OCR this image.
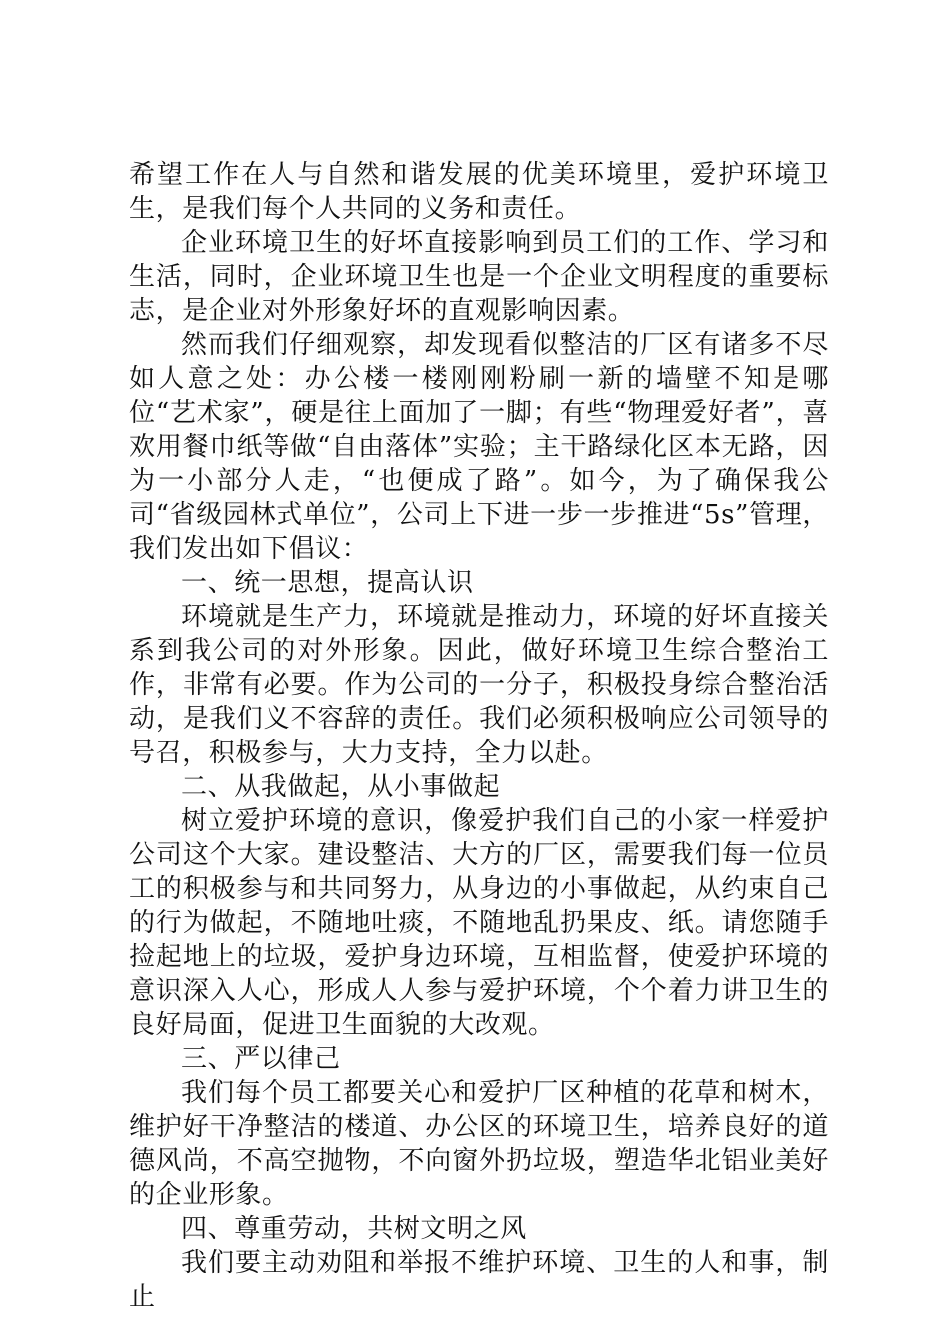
希望工作在人与自然和谐发展的优美环境里，爱护环境卫生，是我们每个人共同的义务和责任。

企业环境卫生的好坏直接影响到员工们的工作、学习和生活，同时，企业环境卫生也是一个企业文明程度的重要标志，是企业对外形象好坏的直观影响因素。

然而我们仔细观察，却发现看似整洁的厂区有诸多不尽如人意之处：办公楼一楼刚刚粉刷一新的墙壁不知是哪位“艺术家”，硬是往上面加了一脚；有些“物理爱好者”，喜欢用餐巾纸等做“自由落体”实验；主干路绿化区本无路，因为一小部分人走，“也便成了路”。如今，为了确保我公司“省级园林式单位”，公司上下进一步一步推进“5s”管理，我们发出如下倡议：

一、统一思想，提高认识

环境就是生产力，环境就是推动力，环境的好坏直接关系到我公司的对外形象。因此，做好环境卫生综合整治工作，非常有必要。作为公司的一分子，积极投身综合整治活动，是我们义不容辞的责任。我们必须积极响应公司领导的号召，积极参与，大力支持，全力以赴。

二、从我做起，从小事做起

树立爱护环境的意识，像爱护我们自己的小家一样爱护公司这个大家。建设整洁、大方的厂区，需要我们每一位员工的积极参与和共同努力，从身边的小事做起，从约束自己的行为做起，不随地吐痰，不随地乱扔果皮、纸。请您随手捡起地上的垃圾，爱护身边环境，互相监督，使爱护环境的意识深入人心，形成人人参与爱护环境，个个着力讲卫生的良好局面，促进卫生面貌的大改观。

三、严以律己

我们每个员工都要关心和爱护厂区种植的花草和树木，维护好干净整洁的楼道、办公区的环境卫生，培养良好的道德风尚，不高空抛物，不向窗外扔垃圾，塑造华北铝业美好的企业形象。

四、尊重劳动，共树文明之风

我们要主动劝阻和举报不维护环境、卫生的人和事，制止
